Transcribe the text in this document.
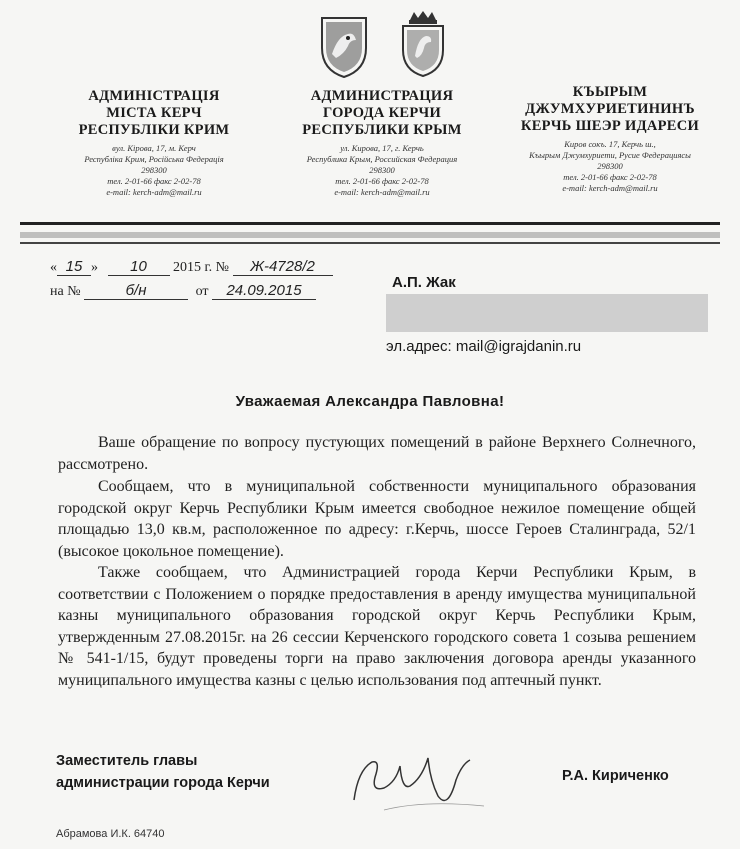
АДМИНІСТРАЦІЯ
МІСТА КЕРЧ
РЕСПУБЛІКИ КРИМ
вул. Кірова, 17, м. Керч
Республіка Крим, Російська Федерація
298300
тел. 2-01-66 факс 2-02-78
e-mail: kerch-adm@mail.ru
АДМИНИСТРАЦИЯ
ГОРОДА КЕРЧИ
РЕСПУБЛИКИ КРЫМ
ул. Кирова, 17, г. Керчь
Республика Крым, Российская Федерация
298300
тел. 2-01-66 факс 2-02-78
e-mail: kerch-adm@mail.ru
КЪЫРЫМ
ДЖУМХУРИЕТИНИНЪ
КЕРЧЬ ШЕЭР ИДАРЕСИ
Киров сокъ. 17, Керчь ш.,
Къырым Джумхуриети, Русие Федерациясы
298300
тел. 2-01-66 факс 2-02-78
e-mail: kerch-adm@mail.ru
« 15 » 10 2015 г. № Ж-4728/2
на №	б/н	от 24.09.2015	А.П. Жак
эл.адрес: mail@igrajdanin.ru
Уважаемая Александра Павловна!
Ваше обращение по вопросу пустующих помещений в районе Верхнего Солнечного, рассмотрено.
Сообщаем, что в муниципальной собственности муниципального образования городской округ Керчь Республики Крым имеется свободное нежилое помещение общей площадью 13,0 кв.м, расположенное по адресу: г.Керчь, шоссе Героев Сталинграда, 52/1 (высокое цокольное помещение).
Также сообщаем, что Администрацией города Керчи Республики Крым, в соответствии с Положением о порядке предоставления в аренду имущества муниципальной казны муниципального образования городской округ Керчь Республики Крым, утвержденным 27.08.2015г. на 26 сессии Керченского городского совета 1 созыва решением № 541-1/15, будут проведены торги на право заключения договора аренды указанного муниципального имущества казны с целью использования под аптечный пункт.
Заместитель главы
администрации города Керчи	Р.А. Кириченко
Абрамова И.К. 64740
